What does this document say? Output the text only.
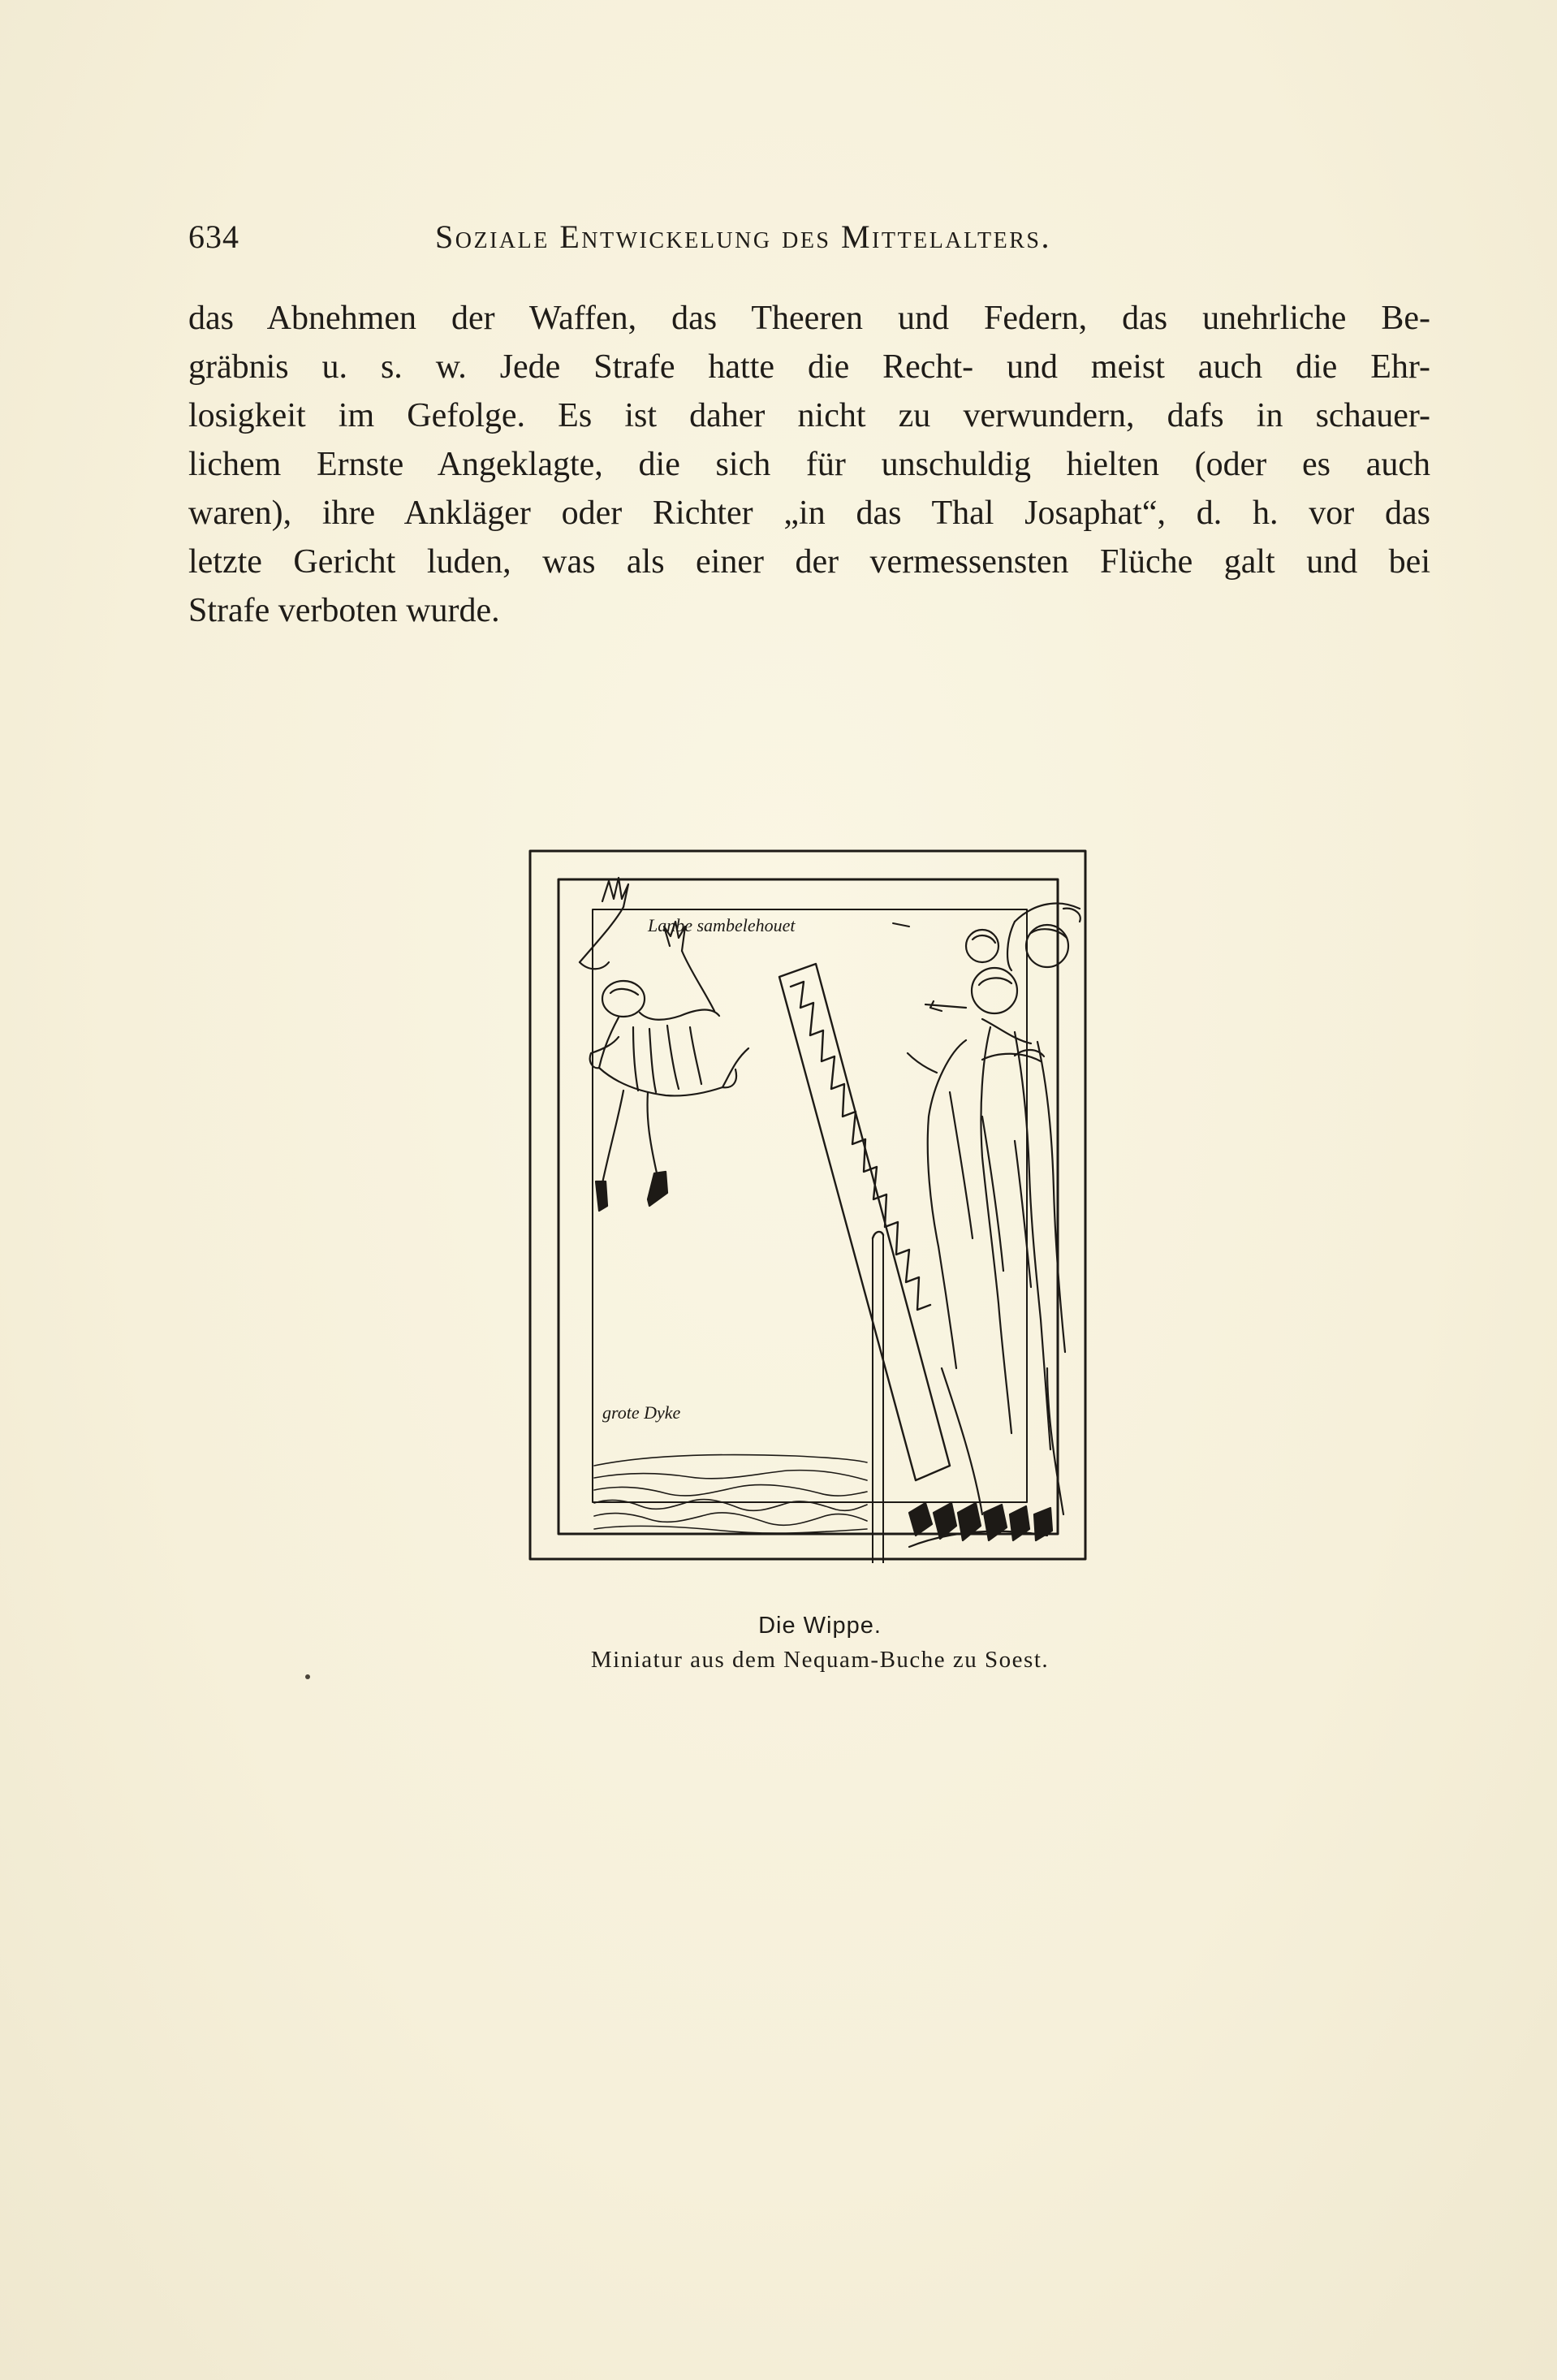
634	Soziale Entwickelung des Mittelalters.
das Abnehmen der Waffen, das Theeren und Federn, das unehrliche Be-
gräbnis u. s. w. Jede Strafe hatte die Recht- und meist auch die Ehr-
losigkeit im Gefolge. Es ist daher nicht zu verwundern, dafs in schauer-
lichem Ernste Angeklagte, die sich für unschuldig hielten (oder es auch
waren), ihre Ankläger oder Richter „in das Thal Josaphat“, d. h. vor das
letzte Gericht luden, was als einer der vermessensten Flüche galt und bei
Strafe verboten wurde.
Lanbe sambelehouet
grote Dyke
Die Wippe.
Miniatur aus dem Nequam-Buche zu Soest.
